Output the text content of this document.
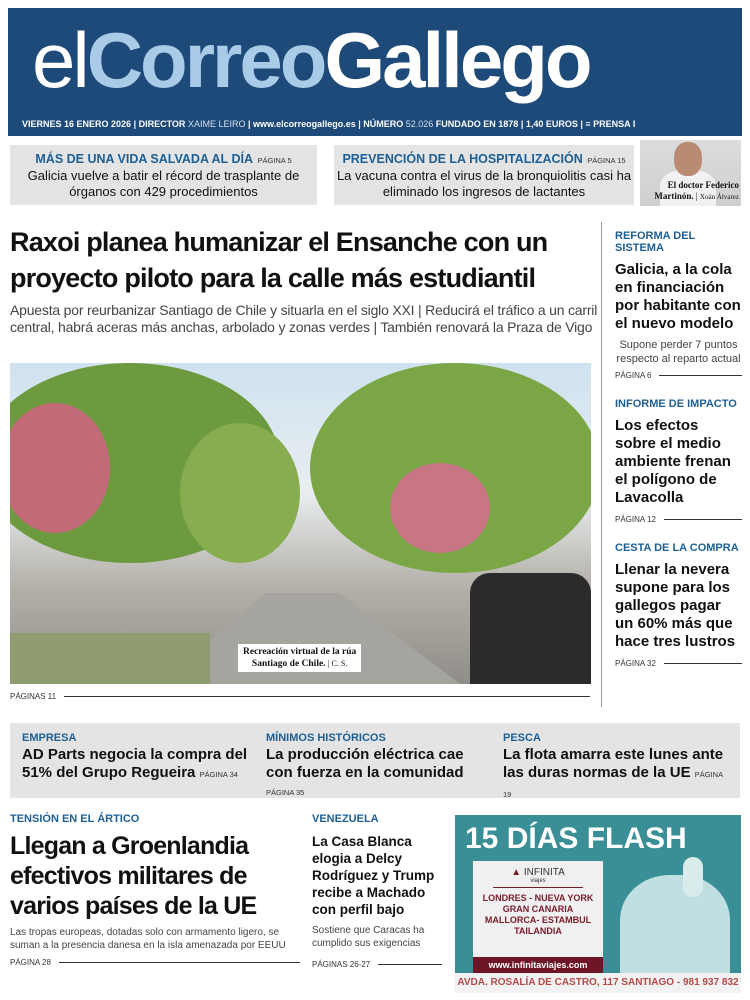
elCorreoGallego
VIERNES 16 ENERO 2026 | DIRECTOR XAIME LEIRO | www.elcorreogallego.es | NÚMERO 52.026 FUNDADO EN 1878 | 1,40 EUROS | ≡ PRENSA I
MÁS DE UNA VIDA SALVADA AL DÍA PÁGINA 5
Galicia vuelve a batir el récord de trasplante de órganos con 429 procedimientos
PREVENCIÓN DE LA HOSPITALIZACIÓN PÁGINA 15
La vacuna contra el virus de la bronquiolitis casi ha eliminado los ingresos de lactantes	El doctor Federico
Martinón. | Xoán Álvarez
Raxoi planea humanizar el Ensanche con un proyecto piloto para la calle más estudiantil
Apuesta por reurbanizar Santiago de Chile y situarla en el siglo XXI | Reducirá el tráfico a un carril central, habrá aceras más anchas, arbolado y zonas verdes | También renovará la Praza de Vigo
Recreación virtual de la rúa
Santiago de Chile. | C. S.
PÁGINAS 11
REFORMA DEL SISTEMA
Galicia, a la cola en financiación por habitante con el nuevo modelo
Supone perder 7 puntos respecto al reparto actual
PÁGINA 6
INFORME DE IMPACTO
Los efectos sobre el medio ambiente frenan el polígono de Lavacolla
PÁGINA 12
CESTA DE LA COMPRA
Llenar la nevera supone para los gallegos pagar un 60% más que hace tres lustros
PÁGINA 32
EMPRESA
AD Parts negocia la compra del 51% del Grupo Regueira PÁGINA 34
MÍNIMOS HISTÓRICOS
La producción eléctrica cae con fuerza en la comunidad PÁGINA 35
PESCA
La flota amarra este lunes ante las duras normas de la UE PÁGINA 19
TENSIÓN EN EL ÁRTICO
Llegan a Groenlandia efectivos militares de varios países de la UE
Las tropas europeas, dotadas solo con armamento ligero, se suman a la presencia danesa en la isla amenazada por EEUU
PÁGINA 28
VENEZUELA
La Casa Blanca elogia a Delcy Rodríguez y Trump recibe a Machado con perfil bajo
Sostiene que Caracas ha cumplido sus exigencias
PÁGINAS 26-27
15 DÍAS FLASH
▲ INFINITA
viajes
LONDRES - NUEVA YORK
GRAN CANARIA
MALLORCA- ESTAMBUL
TAILANDIA
www.infinitaviajes.com
AVDA. ROSALÍA DE CASTRO, 117 SANTIAGO - 981 937 832
